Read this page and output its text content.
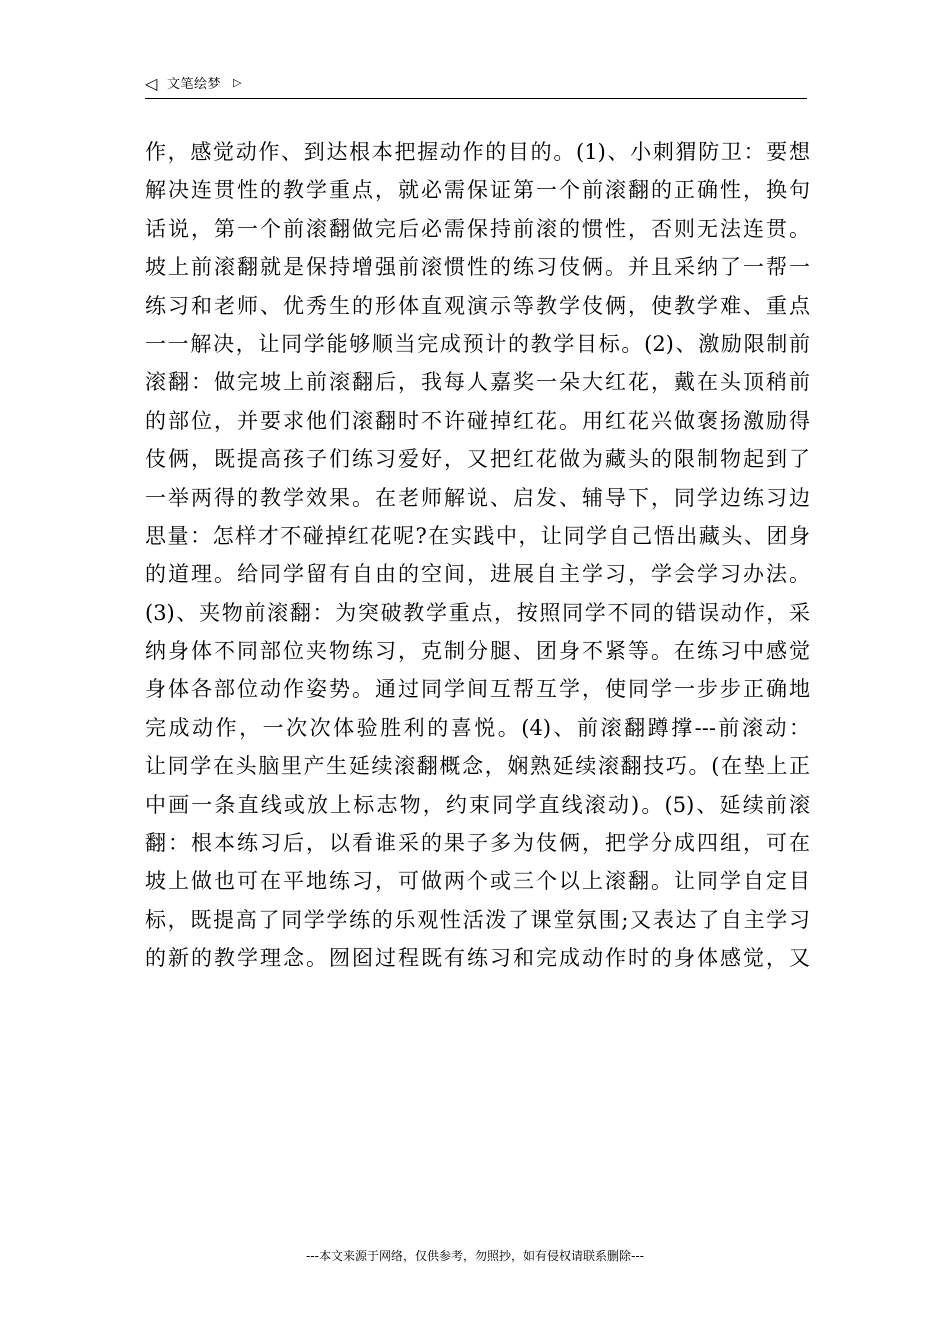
◁ 文笔绘梦 ▷
作，感觉动作、到达根本把握动作的目的。(1)、小刺猬防卫：要想
解决连贯性的教学重点，就必需保证第一个前滚翻的正确性，换句
话说，第一个前滚翻做完后必需保持前滚的惯性，否则无法连贯。
坡上前滚翻就是保持增强前滚惯性的练习伎俩。并且采纳了一帮一
练习和老师、优秀生的形体直观演示等教学伎俩，使教学难、重点
一一解决，让同学能够顺当完成预计的教学目标。(2)、激励限制前
滚翻：做完坡上前滚翻后，我每人嘉奖一朵大红花，戴在头顶稍前
的部位，并要求他们滚翻时不许碰掉红花。用红花兴做褒扬激励得
伎俩，既提高孩子们练习爱好，又把红花做为藏头的限制物起到了
一举两得的教学效果。在老师解说、启发、辅导下，同学边练习边
思量：怎样才不碰掉红花呢?在实践中，让同学自己悟出藏头、团身
的道理。给同学留有自由的空间，进展自主学习，学会学习办法。
(3)、夹物前滚翻：为突破教学重点，按照同学不同的错误动作，采
纳身体不同部位夹物练习，克制分腿、团身不紧等。在练习中感觉
身体各部位动作姿势。通过同学间互帮互学，使同学一步步正确地
完成动作，一次次体验胜利的喜悦。(4)、前滚翻蹲撑---前滚动：
让同学在头脑里产生延续滚翻概念，娴熟延续滚翻技巧。(在垫上正
中画一条直线或放上标志物，约束同学直线滚动)。(5)、延续前滚
翻：根本练习后，以看谁采的果子多为伎俩，把学分成四组，可在
坡上做也可在平地练习，可做两个或三个以上滚翻。让同学自定目
标，既提高了同学学练的乐观性活泼了课堂氛围;又表达了自主学习
的新的教学理念。囫囵过程既有练习和完成动作时的身体感觉，又
---本文来源于网络，仅供参考，勿照抄，如有侵权请联系删除---
